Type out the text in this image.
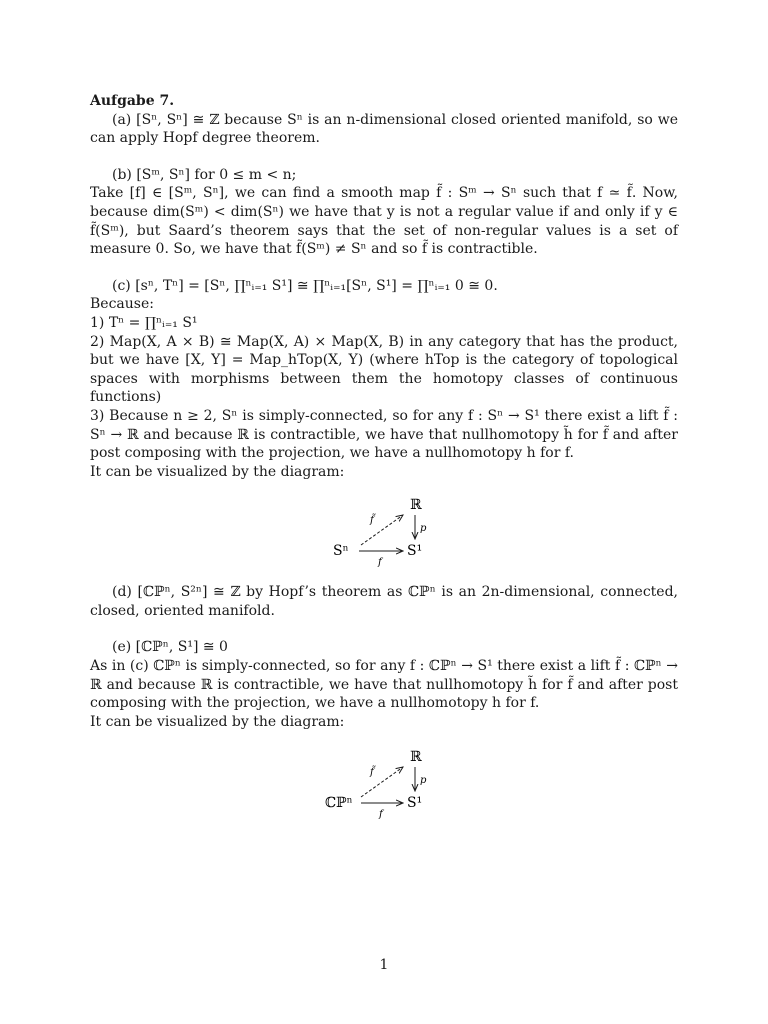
Aufgabe 7.

(a) [Sⁿ, Sⁿ] ≅ ℤ because Sⁿ is an n-dimensional closed oriented manifold, so we can apply Hopf degree theorem.

(b) [Sᵐ, Sⁿ] for 0 ≤ m < n;

Take [f] ∈ [Sᵐ, Sⁿ], we can find a smooth map f̃ : Sᵐ → Sⁿ such that f ≃ f̃. Now, because dim(Sᵐ) < dim(Sⁿ) we have that y is not a regular value if and only if y ∈ f̃(Sᵐ), but Saard’s theorem says that the set of non-regular values is a set of measure 0. So, we have that f̃(Sᵐ) ≠ Sⁿ and so f̃ is contractible.

(c) [sⁿ, Tⁿ] = [Sⁿ, ∏ⁿᵢ₌₁ S¹] ≅ ∏ⁿᵢ₌₁[Sⁿ, S¹] = ∏ⁿᵢ₌₁ 0 ≅ 0.

Because:

1) Tⁿ = ∏ⁿᵢ₌₁ S¹

2) Map(X, A × B) ≅ Map(X, A) × Map(X, B) in any category that has the product, but we have [X, Y] = Map_hTop(X, Y) (where hTop is the category of topological spaces with morphisms between them the homotopy classes of continuous functions)

3) Because n ≥ 2, Sⁿ is simply-connected, so for any f : Sⁿ → S¹ there exist a lift f̃ : Sⁿ → ℝ and because ℝ is contractible, we have that nullhomotopy h̃ for f̃ and after post composing with the projection, we have a nullhomotopy h for f.

It can be visualized by the diagram:

ℝ
p
f̃
Sⁿ
f
S¹

(d) [ℂℙⁿ, S²ⁿ] ≅ ℤ by Hopf’s theorem as ℂℙⁿ is an 2n-dimensional, connected, closed, oriented manifold.

(e) [ℂℙⁿ, S¹] ≅ 0

As in (c) ℂℙⁿ is simply-connected, so for any f : ℂℙⁿ → S¹ there exist a lift f̃ : ℂℙⁿ → ℝ and because ℝ is contractible, we have that nullhomotopy h̃ for f̃ and after post composing with the projection, we have a nullhomotopy h for f.

It can be visualized by the diagram:

ℝ
p
f̃
ℂℙⁿ
f
S¹
1
